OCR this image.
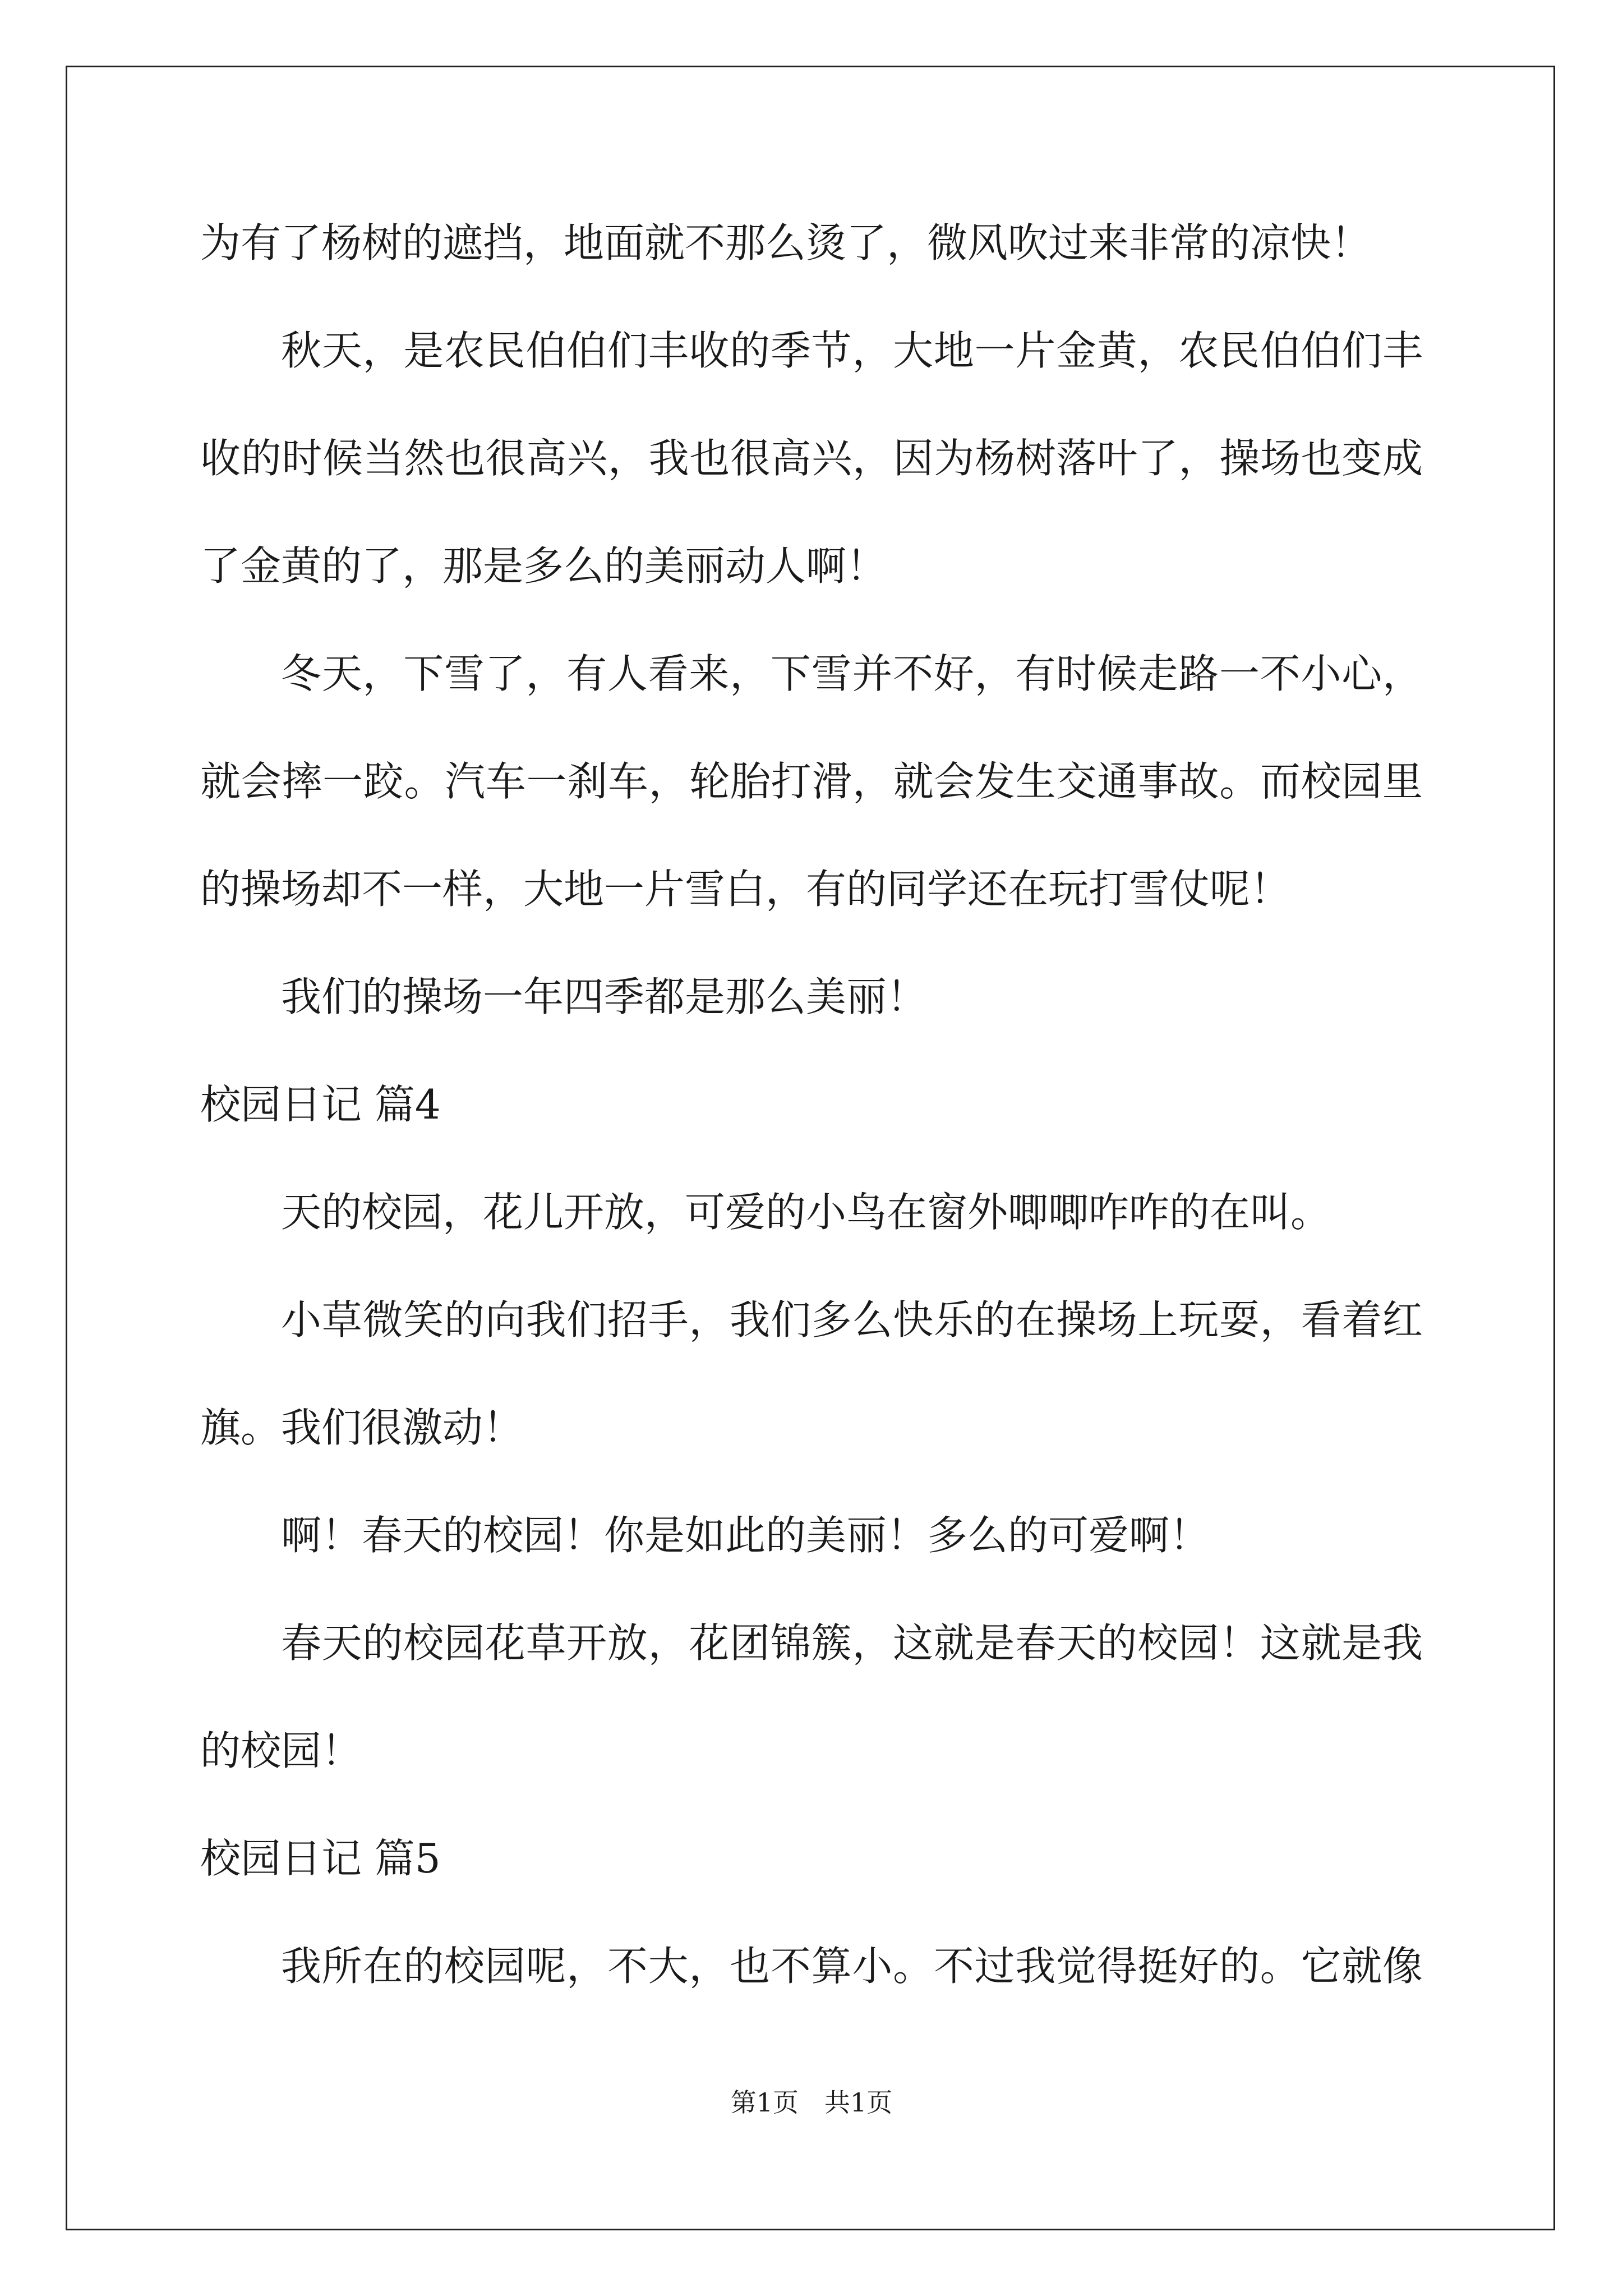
为有了杨树的遮挡，地面就不那么烫了，微风吹过来非常的凉快！
秋天，是农民伯伯们丰收的季节，大地一片金黄，农民伯伯们丰
收的时候当然也很高兴，我也很高兴，因为杨树落叶了，操场也变成
了金黄的了，那是多么的美丽动人啊！
冬天，下雪了，有人看来，下雪并不好，有时候走路一不小心，
就会摔一跤。汽车一刹车，轮胎打滑，就会发生交通事故。而校园里
的操场却不一样，大地一片雪白，有的同学还在玩打雪仗呢！
我们的操场一年四季都是那么美丽！
校园日记 篇4
天的校园，花儿开放，可爱的小鸟在窗外唧唧咋咋的在叫。
小草微笑的向我们招手，我们多么快乐的在操场上玩耍，看着红
旗。我们很激动！
啊！春天的校园！你是如此的美丽！多么的可爱啊！
春天的校园花草开放，花团锦簇，这就是春天的校园！这就是我
的校园！
校园日记 篇5
我所在的校园呢，不大，也不算小。不过我觉得挺好的。它就像
第1页　共1页
